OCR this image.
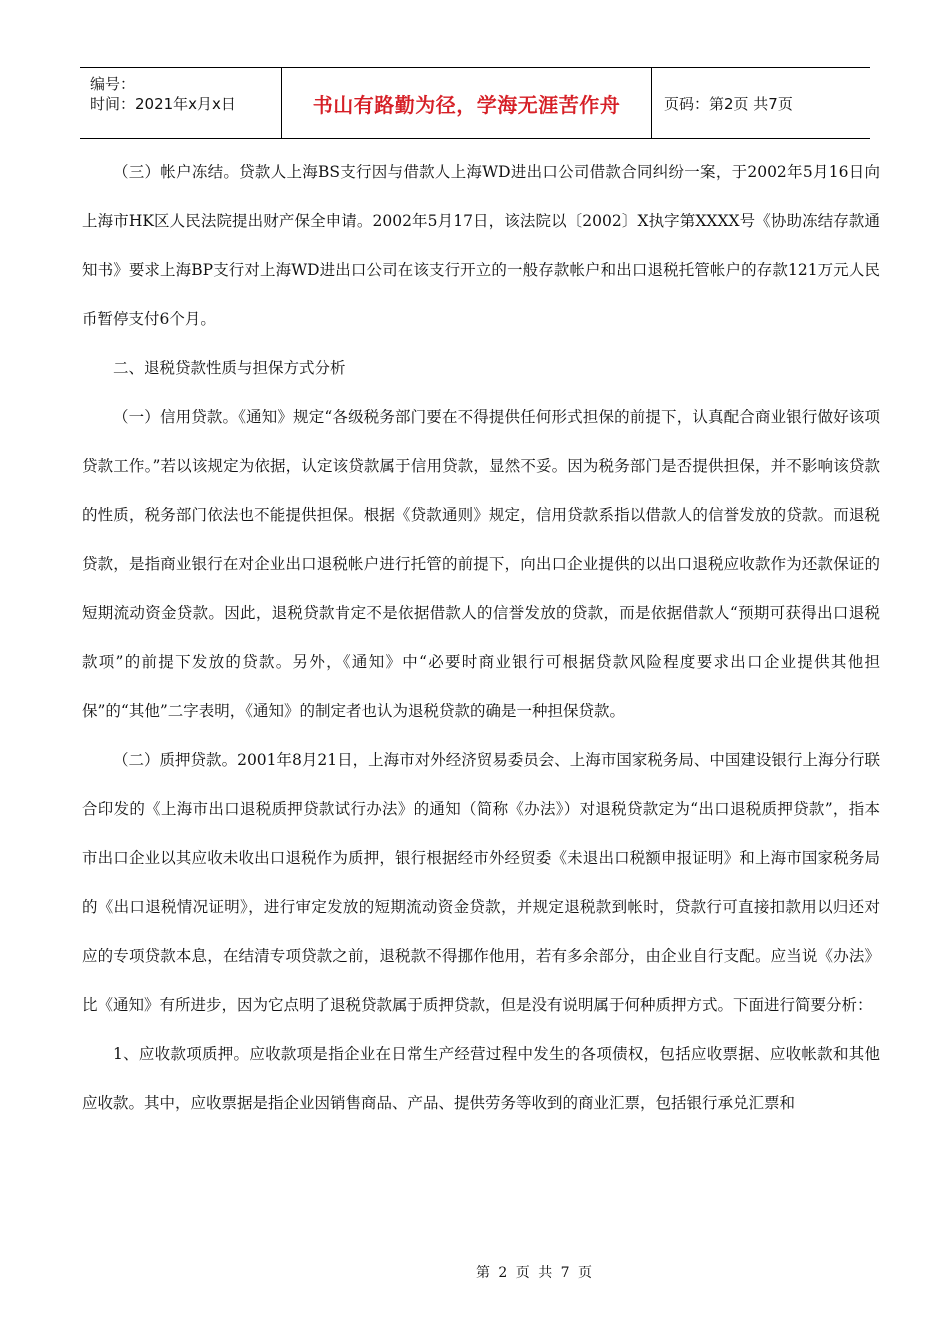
编号：
时间：2021年x月x日	书山有路勤为径，学海无涯苦作舟	页码：第2页 共7页

（三）帐户冻结。贷款人上海BS支行因与借款人上海WD进出口公司借款合同纠纷一案，于2002年5月16日向上海市HK区人民法院提出财产保全申请。2002年5月17日，该法院以〔2002〕X执字第XXXX号《协助冻结存款通知书》要求上海BP支行对上海WD进出口公司在该支行开立的一般存款帐户和出口退税托管帐户的存款121万元人民币暂停支付6个月。

二、退税贷款性质与担保方式分析

（一）信用贷款。《通知》规定“各级税务部门要在不得提供任何形式担保的前提下，认真配合商业银行做好该项贷款工作。”若以该规定为依据，认定该贷款属于信用贷款，显然不妥。因为税务部门是否提供担保，并不影响该贷款的性质，税务部门依法也不能提供担保。根据《贷款通则》规定，信用贷款系指以借款人的信誉发放的贷款。而退税贷款，是指商业银行在对企业出口退税帐户进行托管的前提下，向出口企业提供的以出口退税应收款作为还款保证的短期流动资金贷款。因此，退税贷款肯定不是依据借款人的信誉发放的贷款，而是依据借款人“预期可获得出口退税款项”的前提下发放的贷款。另外，《通知》中“必要时商业银行可根据贷款风险程度要求出口企业提供其他担保”的“其他”二字表明，《通知》的制定者也认为退税贷款的确是一种担保贷款。

（二）质押贷款。2001年8月21日，上海市对外经济贸易委员会、上海市国家税务局、中国建设银行上海分行联合印发的《上海市出口退税质押贷款试行办法》的通知（简称《办法》）对退税贷款定为“出口退税质押贷款”，指本市出口企业以其应收未收出口退税作为质押，银行根据经市外经贸委《未退出口税额申报证明》和上海市国家税务局的《出口退税情况证明》，进行审定发放的短期流动资金贷款，并规定退税款到帐时，贷款行可直接扣款用以归还对应的专项贷款本息，在结清专项贷款之前，退税款不得挪作他用，若有多余部分，由企业自行支配。应当说《办法》比《通知》有所进步，因为它点明了退税贷款属于质押贷款，但是没有说明属于何种质押方式。下面进行简要分析：

1、应收款项质押。应收款项是指企业在日常生产经营过程中发生的各项债权，包括应收票据、应收帐款和其他应收款。其中，应收票据是指企业因销售商品、产品、提供劳务等收到的商业汇票，包括银行承兑汇票和

第 2 页 共 7 页
